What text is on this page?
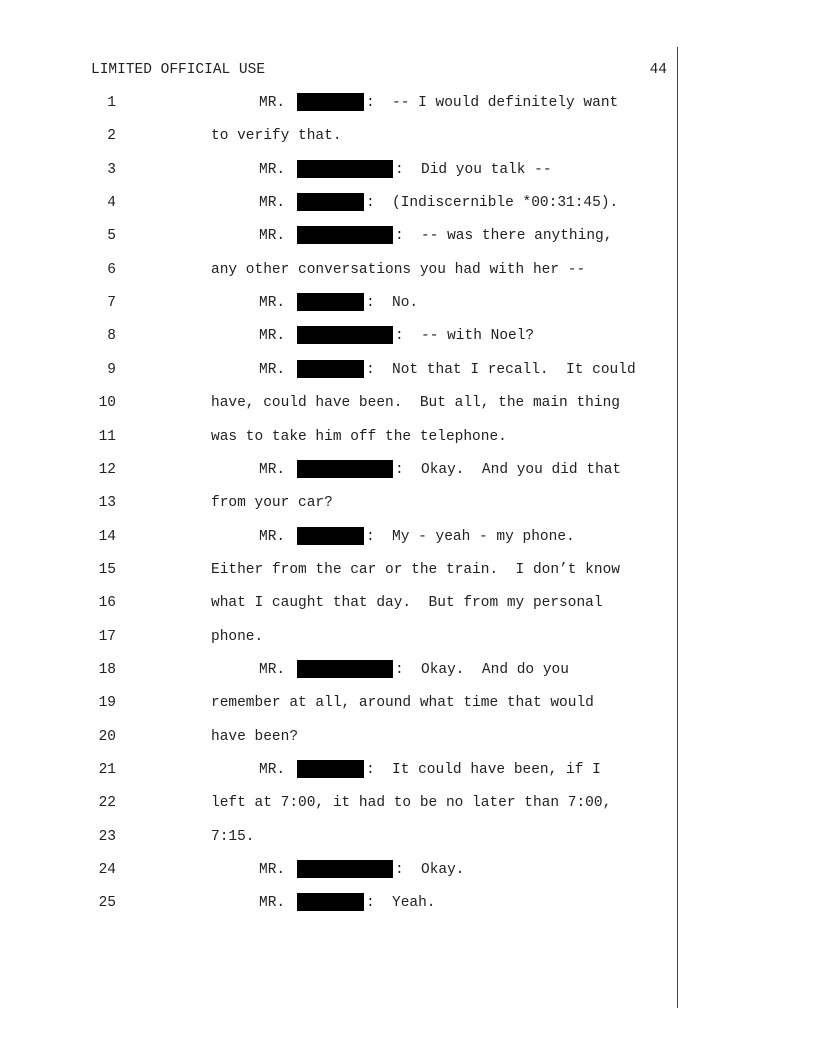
LIMITED OFFICIAL USE	44
1	MR.	: -- I would definitely want
2	to verify that.
3	MR.	: Did you talk --
4	MR.	: (Indiscernible *00:31:45).
5	MR.	: -- was there anything,
6	any other conversations you had with her --
7	MR.	: No.
8	MR.	: -- with Noel?
9	MR.	: Not that I recall.  It could
10	have, could have been.  But all, the main thing
11	was to take him off the telephone.
12	MR.	: Okay.  And you did that
13	from your car?
14	MR.	: My - yeah - my phone.
15	Either from the car or the train.  I don’t know
16	what I caught that day.  But from my personal
17	phone.
18	MR.	: Okay.  And do you
19	remember at all, around what time that would
20	have been?
21	MR.	: It could have been, if I
22	left at 7:00, it had to be no later than 7:00,
23	7:15.
24	MR.	: Okay.
25	MR.	: Yeah.
